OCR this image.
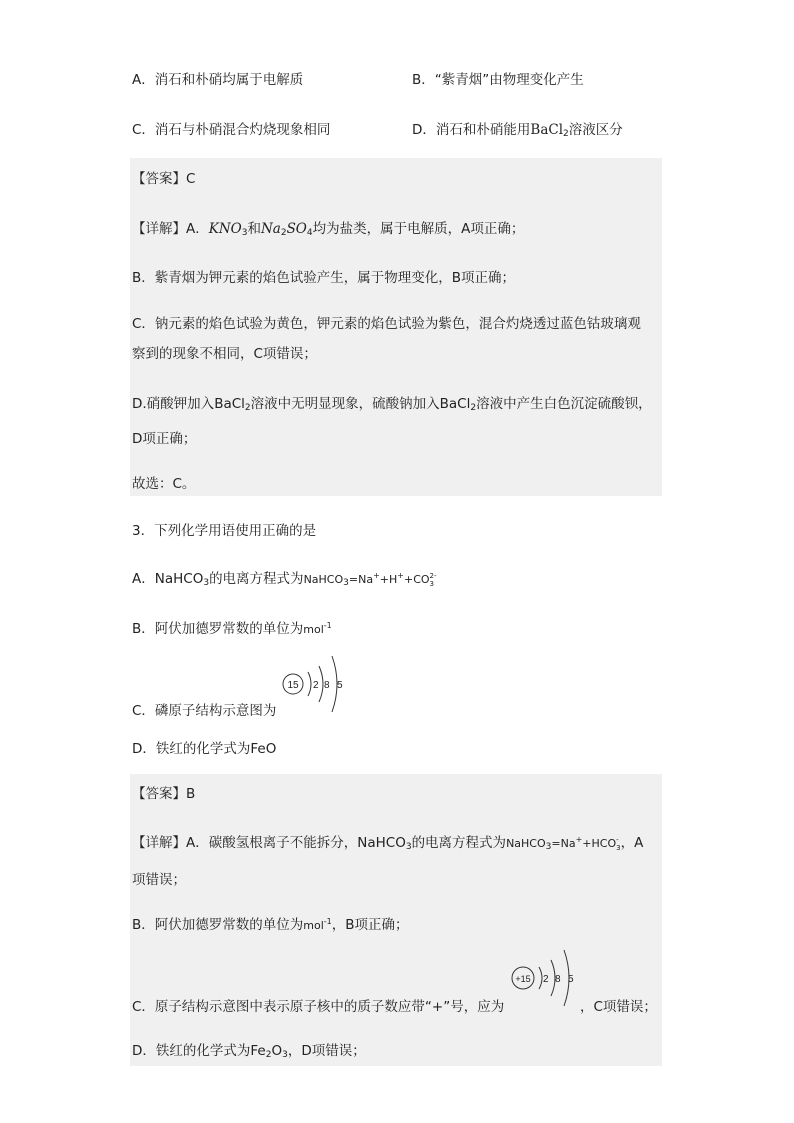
A．消石和朴硝均属于电解质	B．“紫青烟”由物理变化产生
C．消石与朴硝混合灼烧现象相同	D．消石和朴硝能用BaCl$_2$溶液区分
【答案】C
【详解】A．$KNO_3$和$Na_2SO_4$均为盐类，属于电解质，A项正确；
B．紫青烟为钾元素的焰色试验产生，属于物理变化，B项正确；
C．钠元素的焰色试验为黄色，钾元素的焰色试验为紫色，混合灼烧透过蓝色钴玻璃观
察到的现象不相同，C项错误；
D.硝酸钾加入BaCl$_2$溶液中无明显现象，硫酸钠加入BaCl$_2$溶液中产生白色沉淀硫酸钡，
D项正确；
故选：C。
3．下列化学用语使用正确的是
A．NaHCO$_3$的电离方程式为NaHCO$_3$=Na++H++CO 2-
3
B．阿伏加德罗常数的单位为mol$^{-1}$
15 2 8 5
C．磷原子结构示意图为
D．铁红的化学式为FeO
【答案】B
【详解】A．碳酸氢根离子不能拆分，NaHCO$_3$的电离方程式为NaHCO$_3$=Na++HCO -
3 ，A
项错误；
B．阿伏加德罗常数的单位为mol$^{-1}$，B项正确；
+15 2 8 5
C．原子结构示意图中表示原子核中的质子数应带“+”号，应为	，C项错误；
D．铁红的化学式为$Fe_2O_3$，D项错误；
